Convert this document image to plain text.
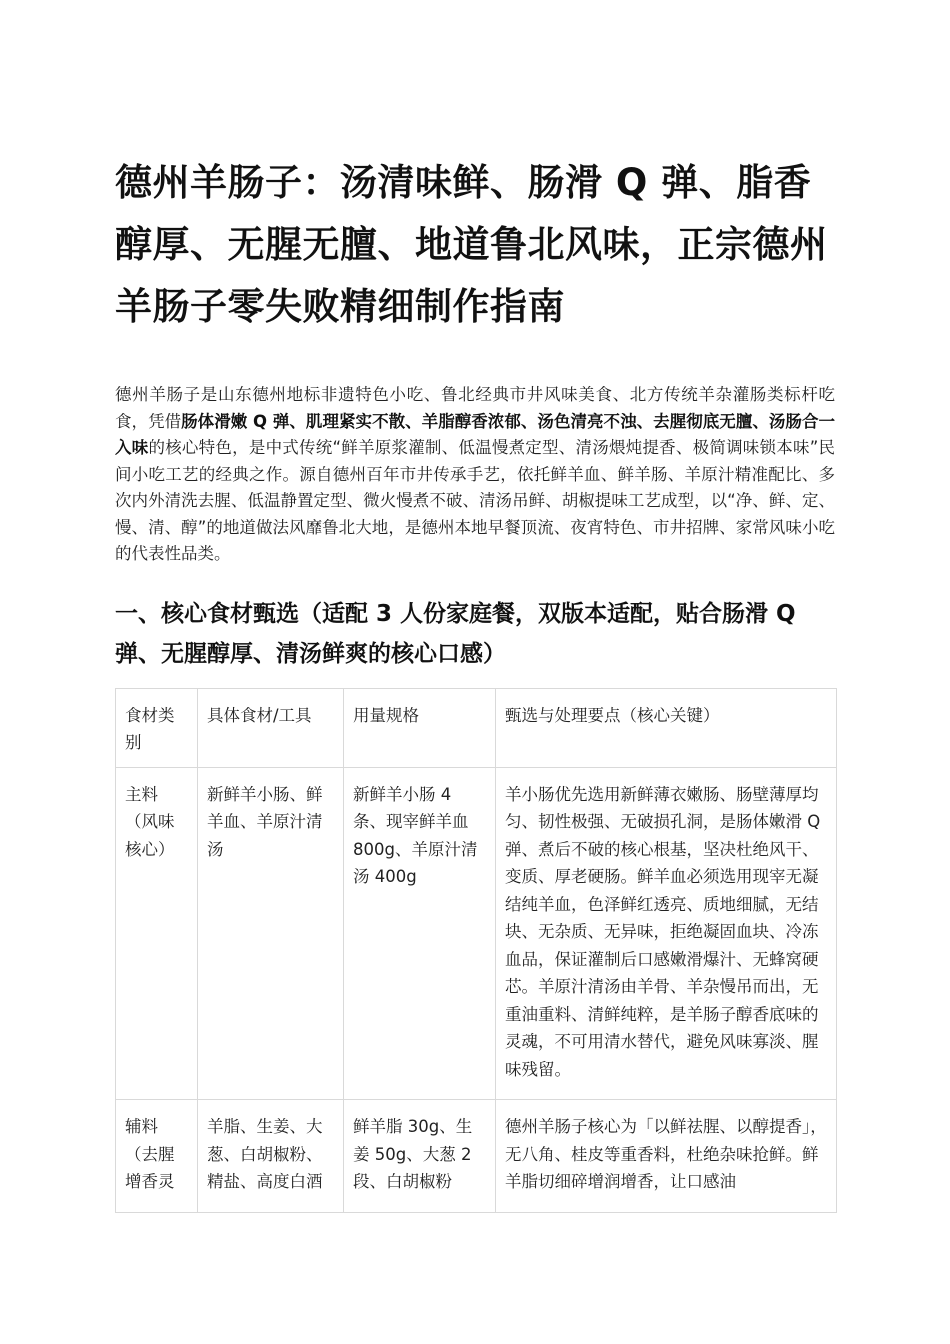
德州羊肠子：汤清味鲜、肠滑 Q 弹、脂香醇厚、无腥无膻、地道鲁北风味，正宗德州羊肠子零失败精细制作指南

德州羊肠子是山东德州地标非遗特色小吃、鲁北经典市井风味美食、北方传统羊杂灌肠类标杆吃食，凭借肠体滑嫩 Q 弹、肌理紧实不散、羊脂醇香浓郁、汤色清亮不浊、去腥彻底无膻、汤肠合一入味的核心特色，是中式传统“鲜羊原浆灌制、低温慢煮定型、清汤煨炖提香、极简调味锁本味”民间小吃工艺的经典之作。源自德州百年市井传承手艺，依托鲜羊血、鲜羊肠、羊原汁精准配比、多次内外清洗去腥、低温静置定型、微火慢煮不破、清汤吊鲜、胡椒提味工艺成型，以“净、鲜、定、慢、清、醇”的地道做法风靡鲁北大地，是德州本地早餐顶流、夜宵特色、市井招牌、家常风味小吃的代表性品类。

一、核心食材甄选（适配 3 人份家庭餐，双版本适配，贴合肠滑 Q 弹、无腥醇厚、清汤鲜爽的核心口感）
食材类别	具体食材/工具	用量规格	甄选与处理要点（核心关键）
主料（风味核心）	新鲜羊小肠、鲜羊血、羊原汁清汤	新鲜羊小肠 4 条、现宰鲜羊血 800g、羊原汁清汤 400g	羊小肠优先选用新鲜薄衣嫩肠、肠壁薄厚均匀、韧性极强、无破损孔洞，是肠体嫩滑 Q 弹、煮后不破的核心根基，坚决杜绝风干、变质、厚老硬肠。鲜羊血必须选用现宰无凝结纯羊血，色泽鲜红透亮、质地细腻，无结块、无杂质、无异味，拒绝凝固血块、冷冻血品，保证灌制后口感嫩滑爆汁、无蜂窝硬芯。羊原汁清汤由羊骨、羊杂慢吊而出，无重油重料、清鲜纯粹，是羊肠子醇香底味的灵魂，不可用清水替代，避免风味寡淡、腥味残留。
辅料（去腥增香灵	羊脂、生姜、大葱、白胡椒粉、精盐、高度白酒	鲜羊脂 30g、生姜 50g、大葱 2 段、白胡椒粉	德州羊肠子核心为「以鲜祛腥、以醇提香」，无八角、桂皮等重香料，杜绝杂味抢鲜。鲜羊脂切细碎增润增香，让口感油
